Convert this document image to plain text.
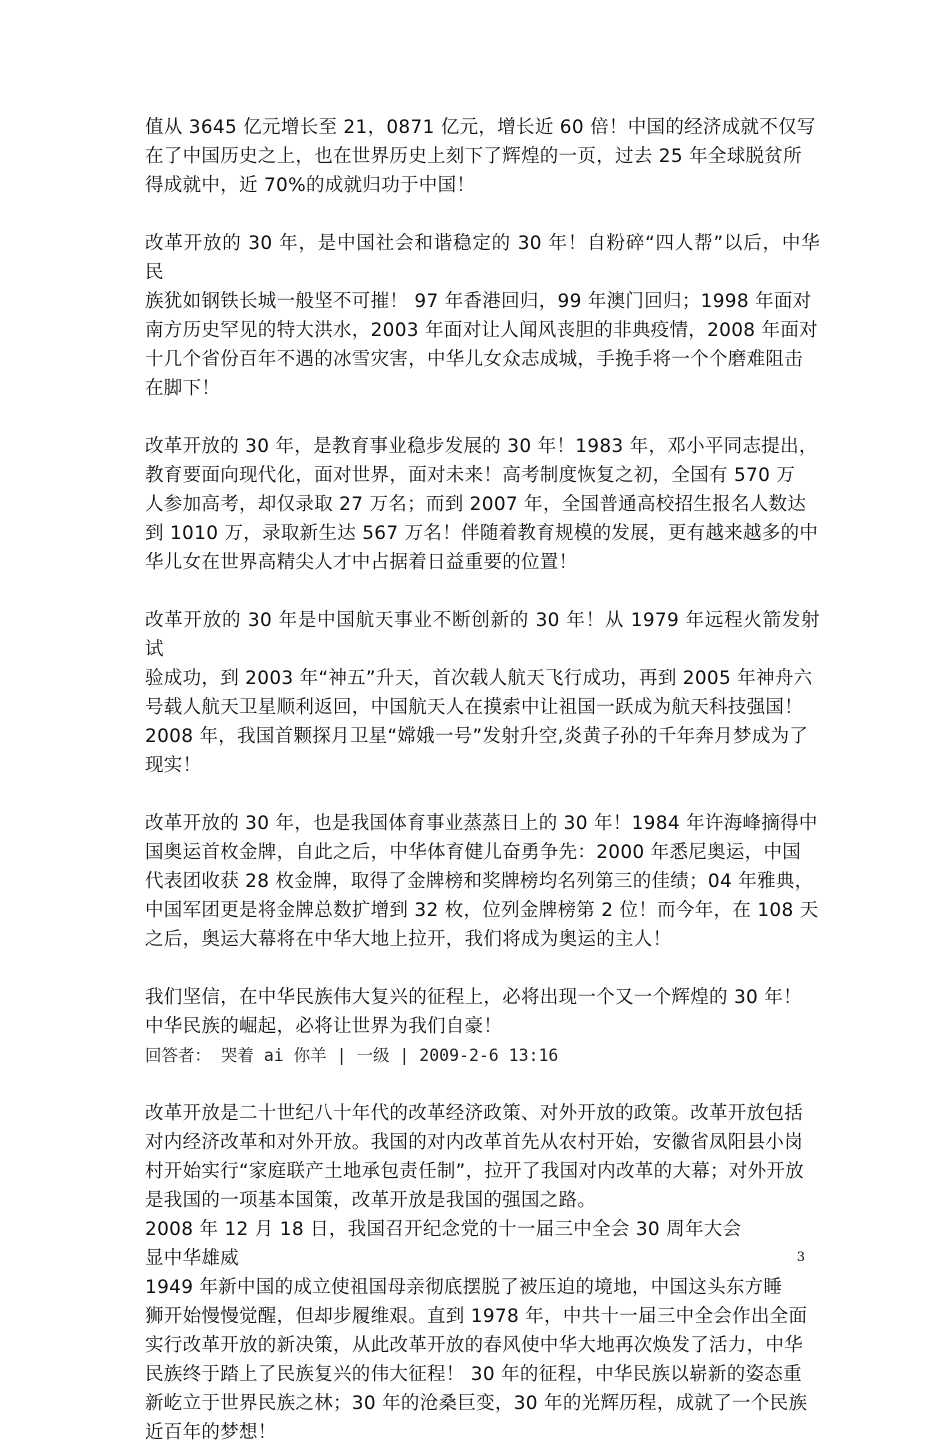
值从 3645 亿元增长至 21，0871 亿元，增长近 60 倍！中国的经济成就不仅写
在了中国历史之上，也在世界历史上刻下了辉煌的一页，过去 25 年全球脱贫所
得成就中，近 70%的成就归功于中国！

改革开放的 30 年，是中国社会和谐稳定的 30 年！自粉碎“四人帮”以后，中华民
族犹如钢铁长城一般坚不可摧！ 97 年香港回归，99 年澳门回归；1998 年面对
南方历史罕见的特大洪水，2003 年面对让人闻风丧胆的非典疫情，2008 年面对
十几个省份百年不遇的冰雪灾害，中华儿女众志成城，手挽手将一个个磨难阻击
在脚下！

改革开放的 30 年，是教育事业稳步发展的 30 年！1983 年，邓小平同志提出，
教育要面向现代化，面对世界，面对未来！高考制度恢复之初，全国有 570 万
人参加高考，却仅录取 27 万名；而到 2007 年，全国普通高校招生报名人数达
到 1010 万，录取新生达 567 万名！伴随着教育规模的发展，更有越来越多的中
华儿女在世界高精尖人才中占据着日益重要的位置！

改革开放的 30 年是中国航天事业不断创新的 30 年！从 1979 年远程火箭发射试
验成功，到 2003 年“神五”升天，首次载人航天飞行成功，再到 2005 年神舟六
号载人航天卫星顺利返回，中国航天人在摸索中让祖国一跃成为航天科技强国！
2008 年，我国首颗探月卫星“嫦娥一号”发射升空,炎黄子孙的千年奔月梦成为了
现实！

改革开放的 30 年，也是我国体育事业蒸蒸日上的 30 年！1984 年许海峰摘得中
国奥运首枚金牌，自此之后，中华体育健儿奋勇争先：2000 年悉尼奥运，中国
代表团收获 28 枚金牌，取得了金牌榜和奖牌榜均名列第三的佳绩；04 年雅典，
中国军团更是将金牌总数扩增到 32 枚，位列金牌榜第 2 位！而今年，在 108 天
之后，奥运大幕将在中华大地上拉开，我们将成为奥运的主人！

我们坚信，在中华民族伟大复兴的征程上，必将出现一个又一个辉煌的 30 年！
中华民族的崛起，必将让世界为我们自豪！

回答者： 哭着 ai 你羊 | 一级 | 2009-2-6 13:16

改革开放是二十世纪八十年代的改革经济政策、对外开放的政策。改革开放包括
对内经济改革和对外开放。我国的对内改革首先从农村开始，安徽省凤阳县小岗
村开始实行“家庭联产土地承包责任制”，拉开了我国对内改革的大幕；对外开放
是我国的一项基本国策，改革开放是我国的强国之路。

2008 年 12 月 18 日，我国召开纪念党的十一届三中全会 30 周年大会
显中华雄威

1949 年新中国的成立使祖国母亲彻底摆脱了被压迫的境地，中国这头东方睡
狮开始慢慢觉醒，但却步履维艰。直到 1978 年，中共十一届三中全会作出全面
实行改革开放的新决策，从此改革开放的春风使中华大地再次焕发了活力，中华
民族终于踏上了民族复兴的伟大征程！ 30 年的征程，中华民族以崭新的姿态重
新屹立于世界民族之林；30 年的沧桑巨变，30 年的光辉历程，成就了一个民族
近百年的梦想！

3
